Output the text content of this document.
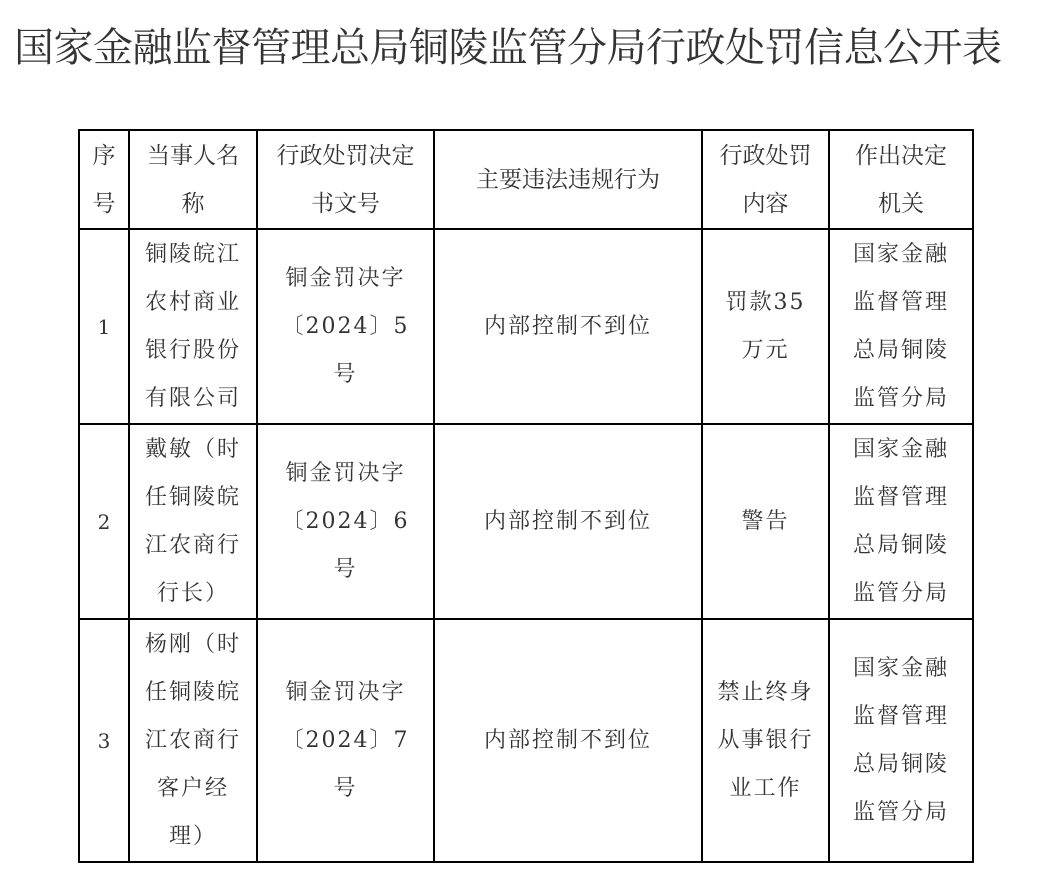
国家金融监督管理总局铜陵监管分局行政处罚信息公开表
序号	当事人名称	行政处罚决定书文号	主要违法违规行为	行政处罚内容	作出决定机关

1	铜陵皖江农村商业银行股份有限公司	铜金罚决字〔2024〕5号	内部控制不到位	罚款35万元	国家金融监督管理总局铜陵监管分局

2	戴敏（时任铜陵皖江农商行行长）	铜金罚决字〔2024〕6号	内部控制不到位	警告	国家金融监督管理总局铜陵监管分局

3	杨刚（时任铜陵皖江农商行客户经理）	铜金罚决字〔2024〕7号	内部控制不到位	禁止终身从事银行业工作	国家金融监督管理总局铜陵监管分局
